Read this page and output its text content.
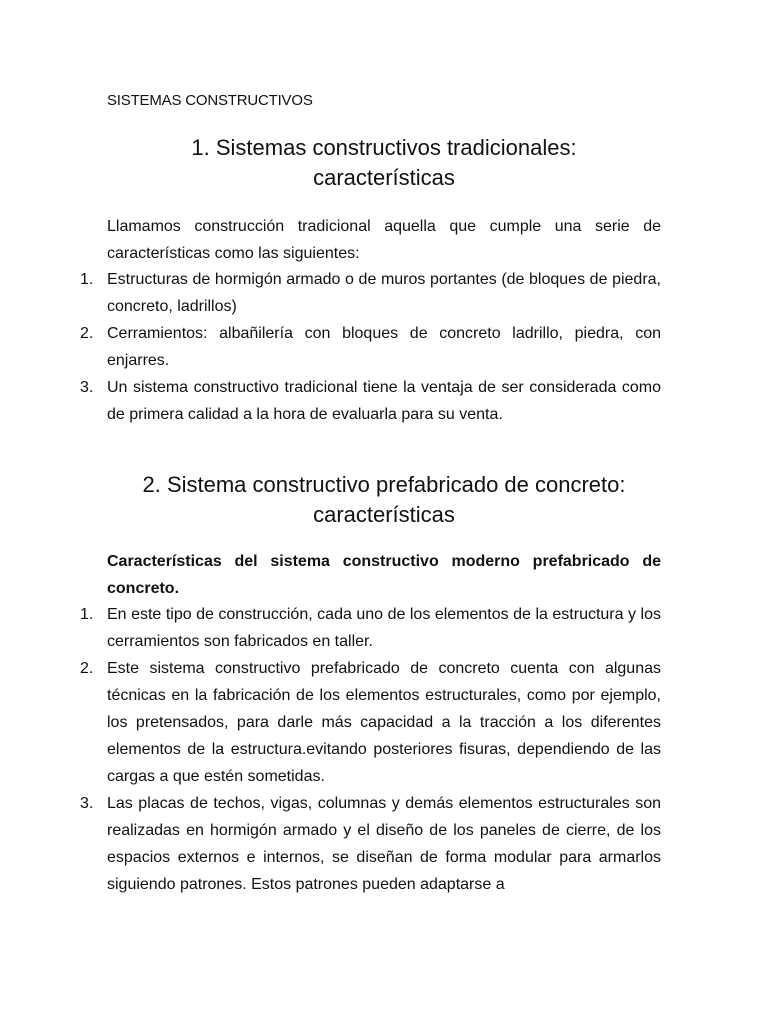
SISTEMAS CONSTRUCTIVOS

1. Sistemas constructivos tradicionales:
características

Llamamos construcción tradicional aquella que cumple una serie de características como las siguientes:

1. Estructuras de hormigón armado o de muros portantes (de bloques de piedra, concreto, ladrillos)
2. Cerramientos: albañilería con bloques de concreto ladrillo, piedra, con enjarres.
3. Un sistema constructivo tradicional tiene la ventaja de ser considerada como de primera calidad a la hora de evaluarla para su venta.
2. Sistema constructivo prefabricado de concreto:
características

Características del sistema constructivo moderno prefabricado de concreto.

1. En este tipo de construcción, cada uno de los elementos de la estructura y los cerramientos son fabricados en taller.
2. Este sistema constructivo prefabricado de concreto cuenta con algunas técnicas en la fabricación de los elementos estructurales, como por ejemplo, los pretensados, para darle más capacidad a la tracción a los diferentes elementos de la estructura.evitando posteriores fisuras, dependiendo de las cargas a que estén sometidas.
3. Las placas de techos, vigas, columnas y demás elementos estructurales son realizadas en hormigón armado y el diseño de los paneles de cierre, de los espacios externos e internos, se diseñan de forma modular para armarlos siguiendo patrones. Estos patrones pueden adaptarse a
